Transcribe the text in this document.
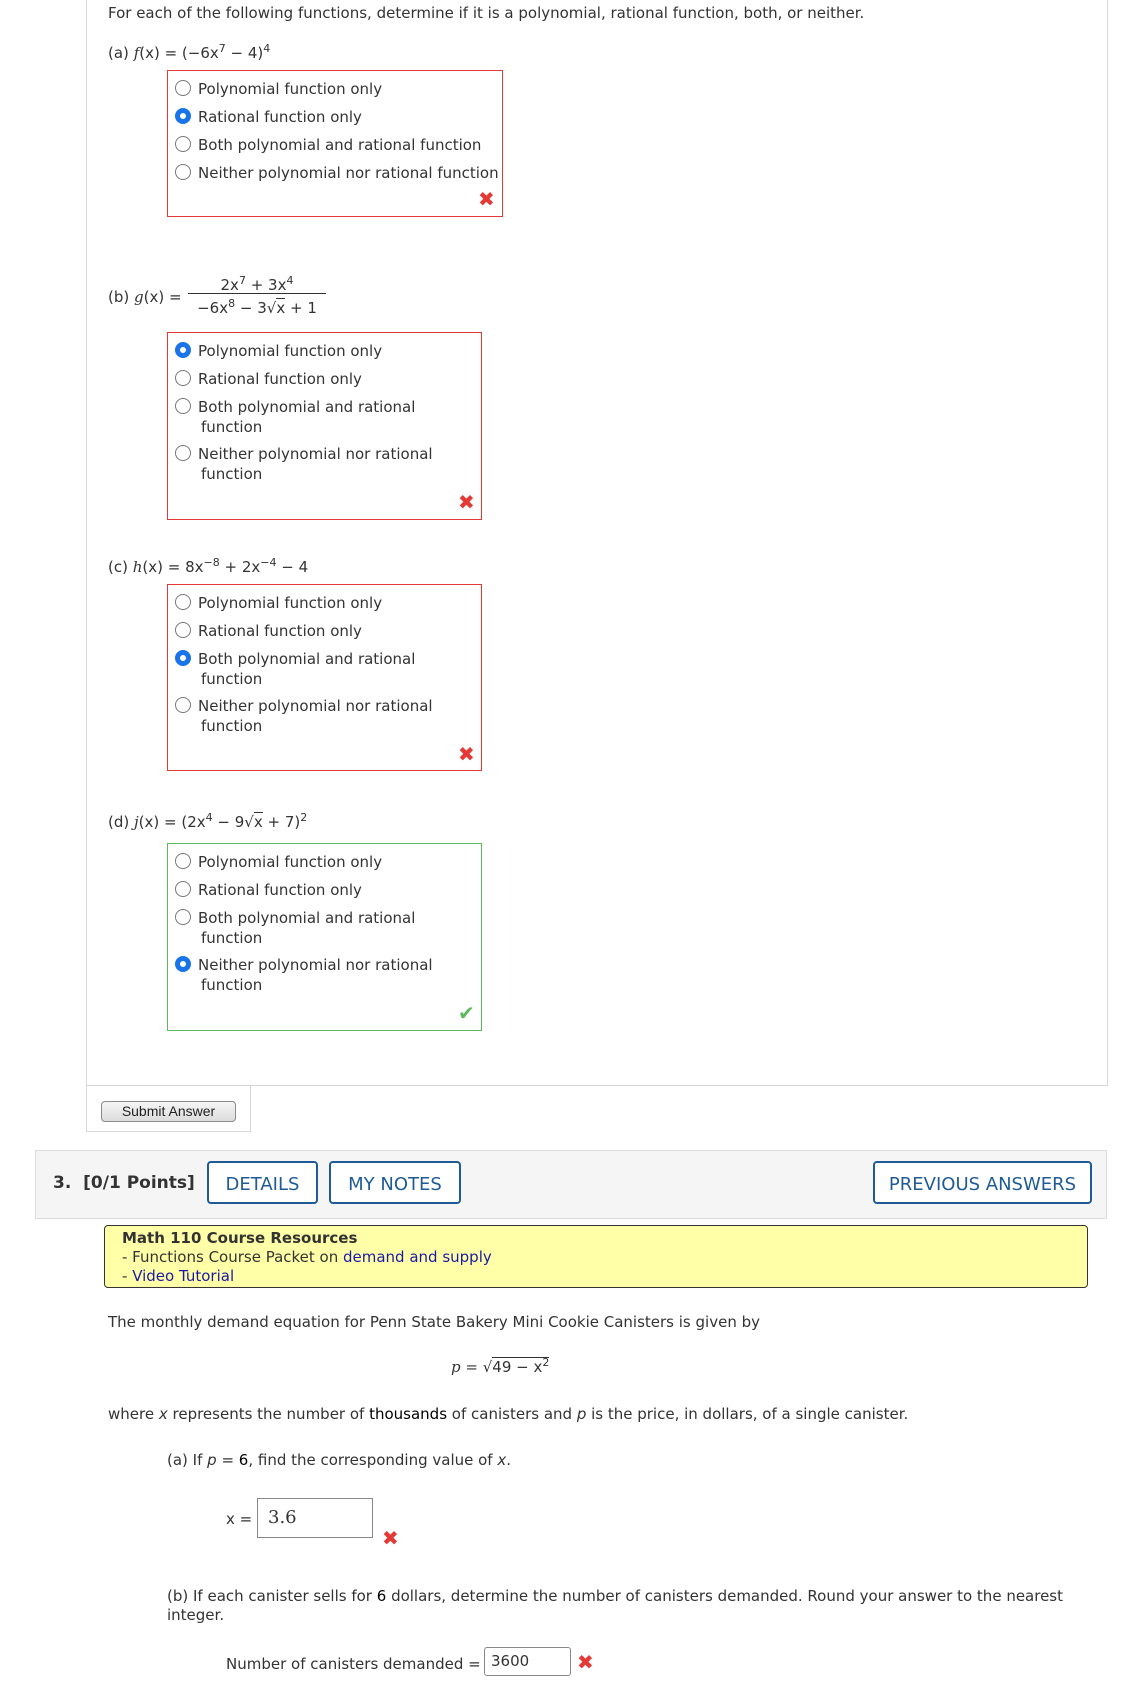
For each of the following functions, determine if it is a polynomial, rational function, both, or neither.
(a) $f(x) = (-6x^7 - 4)^4$
Polynomial function only
Rational function only
Both polynomial and rational function
Neither polynomial nor rational function
✖
(b) g(x) =
$2x^7 + 3x^4$
$-6x^8 - 3√x + 1$
Polynomial function only
Rational function only
Both polynomial and rational
function
Neither polynomial nor rational
function
✖
(c) $h(x) = 8x^{-8} + 2x^{-4} - 4$
Polynomial function only
Rational function only
Both polynomial and rational
function
Neither polynomial nor rational
function
✖
(d) $j(x) = (2x^4 - 9√x + 7)^2$
Polynomial function only
Rational function only
Both polynomial and rational
function
Neither polynomial nor rational
function
✔
Submit Answer
3. [0/1 Points]	DETAILS	MY NOTES	PREVIOUS ANSWERS
Math 110 Course Resources
- Functions Course Packet on demand and supply
- Video Tutorial
The monthly demand equation for Penn State Bakery Mini Cookie Canisters is given by
$p = √49 - x^2$
where x represents the number of thousands of canisters and p is the price, in dollars, of a single canister.
(a) If p = 6, find the corresponding value of x.
x = 3.6
✖
(b) If each canister sells for 6 dollars, determine the number of canisters demanded. Round your answer to the nearest
integer.
Number of canisters demanded = 3600	✖
